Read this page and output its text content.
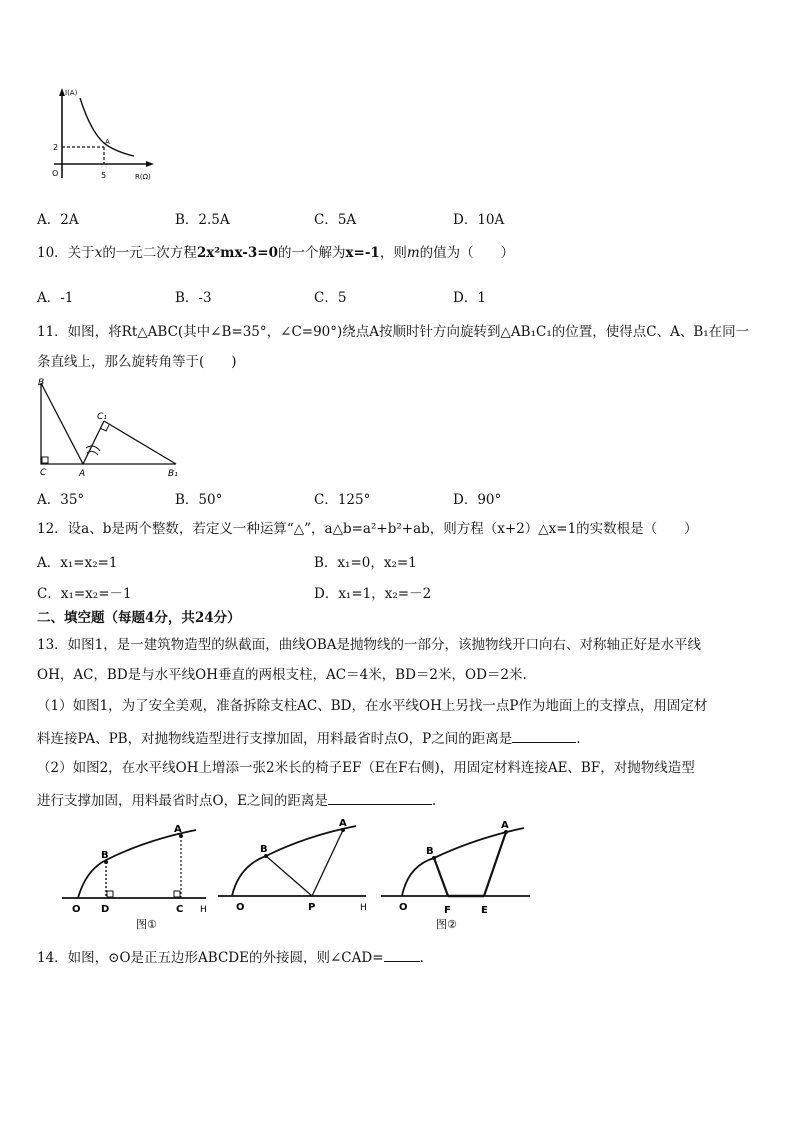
I(A)
R(Ω)
O
A
5
2
A．2A	B．2.5A	C．5A	D．10A
10．关于x的一元二次方程2x²mx-3=0的一个解为x=-1，则m的值为（　　）
A．-1	B．-3	C．5	D．1
11．如图，将Rt△ABC(其中∠B=35°，∠C=90°)绕点A按顺时针方向旋转到△AB₁C₁的位置，使得点C、A、B₁在同一
条直线上，那么旋转角等于(　　)
B
C	A
C₁
B₁
A．35°	B．50°	C．125°	D．90°
12．设a、b是两个整数，若定义一种运算“△”，a△b=a²+b²+ab，则方程（x+2）△x=1的实数根是（　　）
A．x₁=x₂=1	B．x₁=0，x₂=1
C．x₁=x₂=－1	D．x₁=1，x₂=－2
二、填空题（每题4分，共24分）
13．如图1，是一建筑物造型的纵截面，曲线OBA是抛物线的一部分，该抛物线开口向右、对称轴正好是水平线
OH，AC，BD是与水平线OH垂直的两根支柱，AC＝4米，BD＝2米，OD＝2米.
（1）如图1，为了安全美观，准备拆除支柱AC、BD，在水平线OH上另找一点P作为地面上的支撑点，用固定材
料连接PA、PB，对抛物线造型进行支撑加固，用料最省时点O，P之间的距离是	.
（2）如图2，在水平线OH上增添一张2米长的椅子EF（E在F右侧)，用固定材料连接AE、BF，对抛物线造型
进行支撑加固，用料最省时点O，E之间的距离是	.
O D	C H
B
A
图①
O
B
A
P	H	O
B
A
F	E
图②
14．如图，⊙O是正五边形ABCDE的外接圆，则∠CAD=	.
